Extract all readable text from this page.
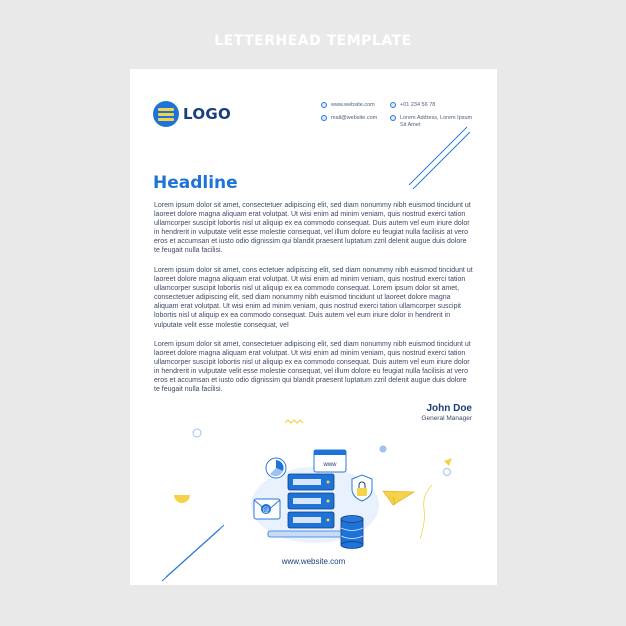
LETTERHEAD TEMPLATE
www
@
LOGO	www.website.com
mail@website.com
+01 234 56 78
Lorem Address, Lorem Ipsum
Sit Amet
Headline

Lorem ipsum dolor sit amet, consectetuer adipiscing elit, sed diam nonummy nibh euismod tincidunt ut laoreet dolore magna aliquam erat volutpat. Ut wisi enim ad minim veniam, quis nostrud exerci tation ullamcorper suscipit lobortis nisl ut aliquip ex ea commodo consequat. Duis autem vel eum iriure dolor in hendrerit in vulputate velit esse molestie consequat, vel illum dolore eu feugiat nulla facilisis at vero eros et accumsan et iusto odio dignissim qui blandit praesent luptatum zzril delenit augue duis dolore te feugait nulla facilisi.

Lorem ipsum dolor sit amet, cons ectetuer adipiscing elit, sed diam nonummy nibh euismod tincidunt ut laoreet dolore magna aliquam erat volutpat. Ut wisi enim ad minim veniam, quis nostrud exerci tation ullamcorper suscipit lobortis nisl ut aliquip ex ea commodo consequat. Lorem ipsum dolor sit amet, consectetuer adipiscing elit, sed diam nonummy nibh euismod tincidunt ut laoreet dolore magna aliquam erat volutpat. Ut wisi enim ad minim veniam, quis nostrud exerci tation ullamcorper suscipit lobortis nisl ut aliquip ex ea commodo consequat. Duis autem vel eum iriure dolor in hendrerit in vulputate velit esse molestie consequat, vel

Lorem ipsum dolor sit amet, consectetuer adipiscing elit, sed diam nonummy nibh euismod tincidunt ut laoreet dolore magna aliquam erat volutpat. Ut wisi enim ad minim veniam, quis nostrud exerci tation ullamcorper suscipit lobortis nisl ut aliquip ex ea commodo consequat. Duis autem vel eum iriure dolor in hendrerit in vulputate velit esse molestie consequat, vel illum dolore eu feugiat nulla facilisis at vero eros et accumsan et iusto odio dignissim qui blandit praesent luptatum zzril delenit augue duis dolore te feugait nulla facilisi.

John Doe
General Manager
www.website.com
